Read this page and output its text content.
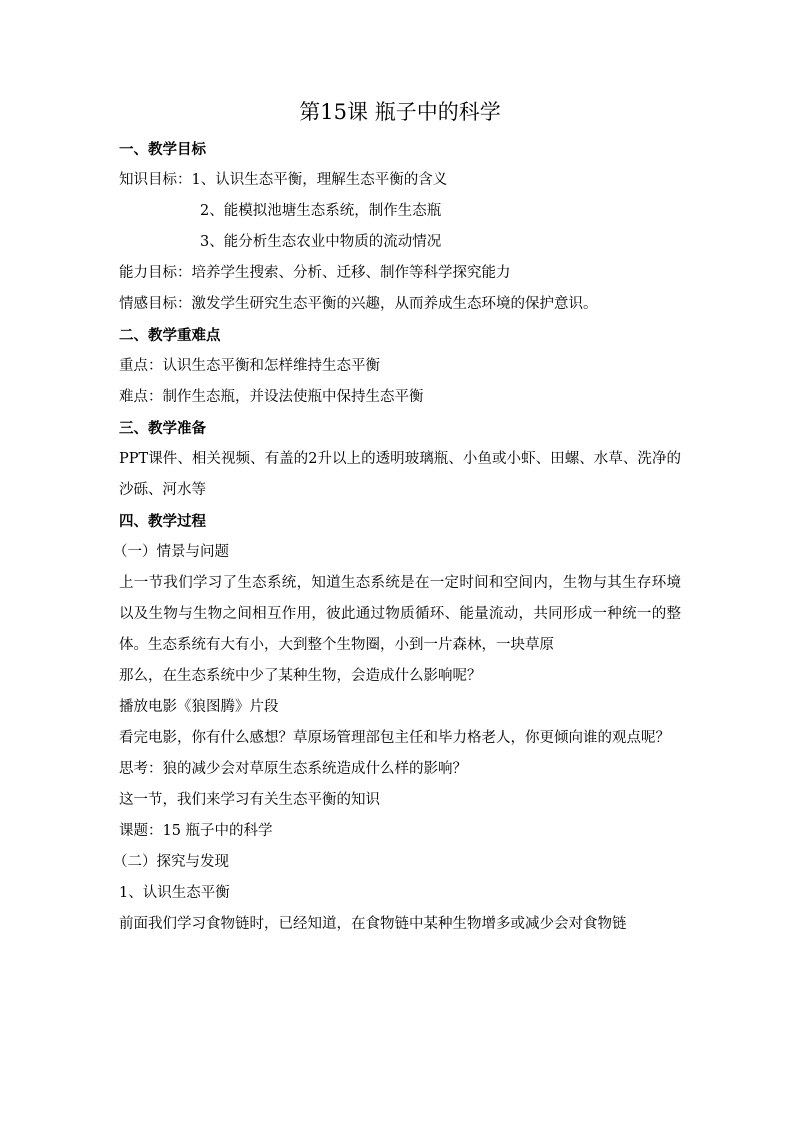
第15课 瓶子中的科学

一、教学目标

知识目标：1、认识生态平衡，理解生态平衡的含义

2、能模拟池塘生态系统，制作生态瓶

3、能分析生态农业中物质的流动情况

能力目标：培养学生搜索、分析、迁移、制作等科学探究能力

情感目标：激发学生研究生态平衡的兴趣，从而养成生态环境的保护意识。

二、教学重难点

重点：认识生态平衡和怎样维持生态平衡

难点：制作生态瓶，并设法使瓶中保持生态平衡

三、教学准备

PPT课件、相关视频、有盖的2升以上的透明玻璃瓶、小鱼或小虾、田螺、水草、洗净的沙砾、河水等

四、教学过程

（一）情景与问题

上一节我们学习了生态系统，知道生态系统是在一定时间和空间内，生物与其生存环境以及生物与生物之间相互作用，彼此通过物质循环、能量流动，共同形成一种统一的整体。生态系统有大有小，大到整个生物圈，小到一片森林，一块草原

那么，在生态系统中少了某种生物，会造成什么影响呢？

播放电影《狼图腾》片段

看完电影，你有什么感想？草原场管理部包主任和毕力格老人，你更倾向谁的观点呢？

思考：狼的减少会对草原生态系统造成什么样的影响？

这一节，我们来学习有关生态平衡的知识

课题：15 瓶子中的科学

（二）探究与发现

1、认识生态平衡

前面我们学习食物链时，已经知道，在食物链中某种生物增多或减少会对食物链
